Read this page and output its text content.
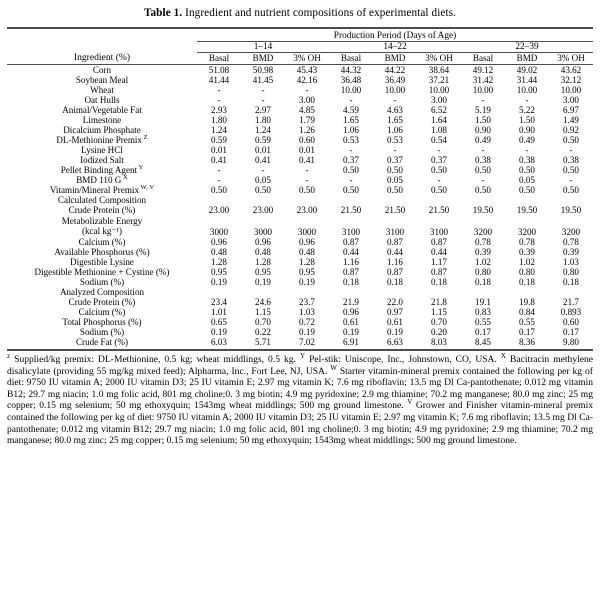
Table 1. Ingredient and nutrient compositions of experimental diets.

Ingredient (%)	Production Period (Days of Age)								
	1–14			14–22			22–39		
	Basal	BMD	3% OH	Basal	BMD	3% OH	Basal	BMD	3% OH

Corn	51.08	50.98	45.43	44.32	44.22	38.64	49.12	49.02	43.62
Soybean Meal	41.44	41.45	42.16	36.48	36.49	37.21	31.42	31.44	32.12
Wheat	-	-	-	10.00	10.00	10.00	10.00	10.00	10.00
Oat Hulls	-	-	3.00	-	-	3.00	-	-	3.00
Animal/Vegetable Fat	2.93	2.97	4.85	4.59	4.63	6.52	5.19	5.22	6.97
Limestone	1.80	1.80	1.79	1.65	1.65	1.64	1.50	1.50	1.49
Dicalcium Phosphate	1.24	1.24	1.26	1.06	1.06	1.08	0.90	0.90	0.92
DL-Methionine Premix $^Z$	0.59	0.59	0.60	0.53	0.53	0.54	0.49	0.49	0.50
Lysine HCl	0.01	0.01	0.01	-	-	-	-	-	-
Iodized Salt	0.41	0.41	0.41	0.37	0.37	0.37	0.38	0.38	0.38
Pellet Binding Agent $^Y$	-	-	-	0.50	0.50	0.50	0.50	0.50	0.50
BMD 110 G $^X$	-	0.05	-	-	0.05	-	-	0.05	-
Vitamin/Mineral Premix $^{W, V}$	0.50	0.50	0.50	0.50	0.50	0.50	0.50	0.50	0.50
Calculated Composition									
Crude Protein (%)	23.00	23.00	23.00	21.50	21.50	21.50	19.50	19.50	19.50
Metabolizable Energy
(kcal kg⁻¹)	3000	3000	3000	3100	3100	3100	3200	3200	3200
Calcium (%)	0.96	0.96	0.96	0.87	0.87	0.87	0.78	0.78	0.78
Available Phosphorus (%)	0.48	0.48	0.48	0.44	0.44	0.44	0.39	0.39	0.39
Digestible Lysine	1.28	1.28	1.28	1.16	1.16	1.17	1.02	1.02	1.03
Digestible Methionine + Cystine (%)	0.95	0.95	0.95	0.87	0.87	0.87	0.80	0.80	0.80
Sodium (%)	0.19	0.19	0.19	0.18	0.18	0.18	0.18	0.18	0.18
Analyzed Composition									
Crude Protein (%)	23.4	24.6	23.7	21.9	22.0	21.8	19.1	19.8	21.7
Calcium (%)	1.01	1.15	1.03	0.96	0.97	1.15	0.83	0.84	0.893
Total Phosphorus (%)	0.65	0.70	0.72	0.61	0.61	0.70	0.55	0.55	0.60
Sodium (%)	0.19	0.22	0.19	0.19	0.19	0.20	0.17	0.17	0.17
Crude Fat (%)	6.03	5.71	7.02	6.91	6.63	8.03	8.45	8.36	9.80

$^z$ Supplied/kg premix: DL-Methionine, 0.5 kg; wheat middlings, 0.5 kg. $^Y$ Pel-stik: Uniscope, Inc., Johnstown, CO, USA. $^X$ Bacitracin methylene disalicylate (providing 55 mg/kg mixed feed); Alpharma, Inc., Fort Lee, NJ, USA. $^W$ Starter vitamin-mineral premix contained the following per kg of diet: 9750 IU vitamin A; 2000 IU vitamin D3; 25 IU vitamin E; 2.97 mg vitamin K; 7.6 mg riboflavin; 13.5 mg Dl Ca-pantothenate; 0.012 mg vitamin B12; 29.7 mg niacin; 1.0 mg folic acid, 801 mg choline;0. 3 mg biotin; 4.9 mg pyridoxine; 2.9 mg thiamine; 70.2 mg manganese; 80.0 mg zinc; 25 mg copper; 0.15 mg selenium; 50 mg ethoxyquin; 1543mg wheat middlings; 500 mg ground limestone. $^V$ Grower and Finisher vitamin-mineral premix contained the following per kg of diet: 9750 IU vitamin A; 2000 IU vitamin D3; 25 IU vitamin E; 2.97 mg vitamin K; 7.6 mg riboflavin; 13.5 mg Dl Ca-pantothenate; 0.012 mg vitamin B12; 29.7 mg niacin; 1.0 mg folic acid, 801 mg choline;0. 3 mg biotin; 4.9 mg pyridoxine; 2.9 mg thiamine; 70.2 mg manganese; 80.0 mg zinc; 25 mg copper; 0.15 mg selenium; 50 mg ethoxyquin; 1543mg wheat middlings; 500 mg ground limestone.
